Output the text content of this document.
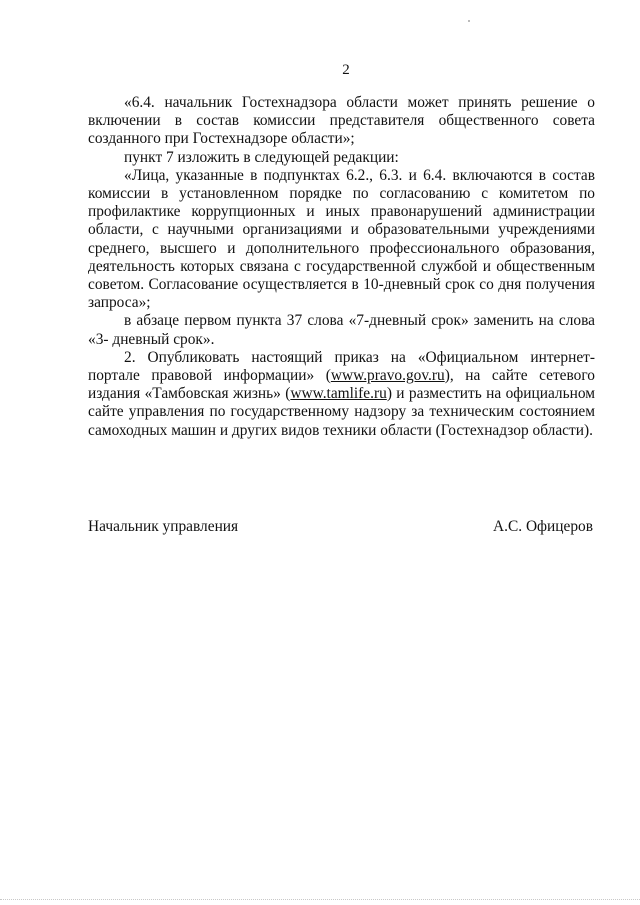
2

«6.4. начальник Гостехнадзора области может принять решение о включении в состав комиссии представителя общественного совета созданного при Гостехнадзоре области»;

пункт 7 изложить в следующей редакции:

«Лица, указанные в подпунктах 6.2., 6.3. и 6.4. включаются в состав комиссии в установленном порядке по согласованию с комитетом по профилактике коррупционных и иных правонарушений администрации области, с научными организациями и образовательными учреждениями среднего, высшего и дополнительного профессионального образования, деятельность которых связана с государственной службой и общественным советом. Согласование осуществляется в 10-дневный срок со дня получения запроса»;

в абзаце первом пункта 37 слова «7-дневный срок» заменить на слова «3- дневный срок».

2. Опубликовать настоящий приказ на «Официальном интернет-портале правовой информации» (www.pravo.gov.ru), на сайте сетевого издания «Тамбовская жизнь» (www.tamlife.ru) и разместить на официальном сайте управления по государственному надзору за техническим состоянием самоходных машин и других видов техники области (Гостехнадзор области).

Начальник управления	А.С. Офицеров
